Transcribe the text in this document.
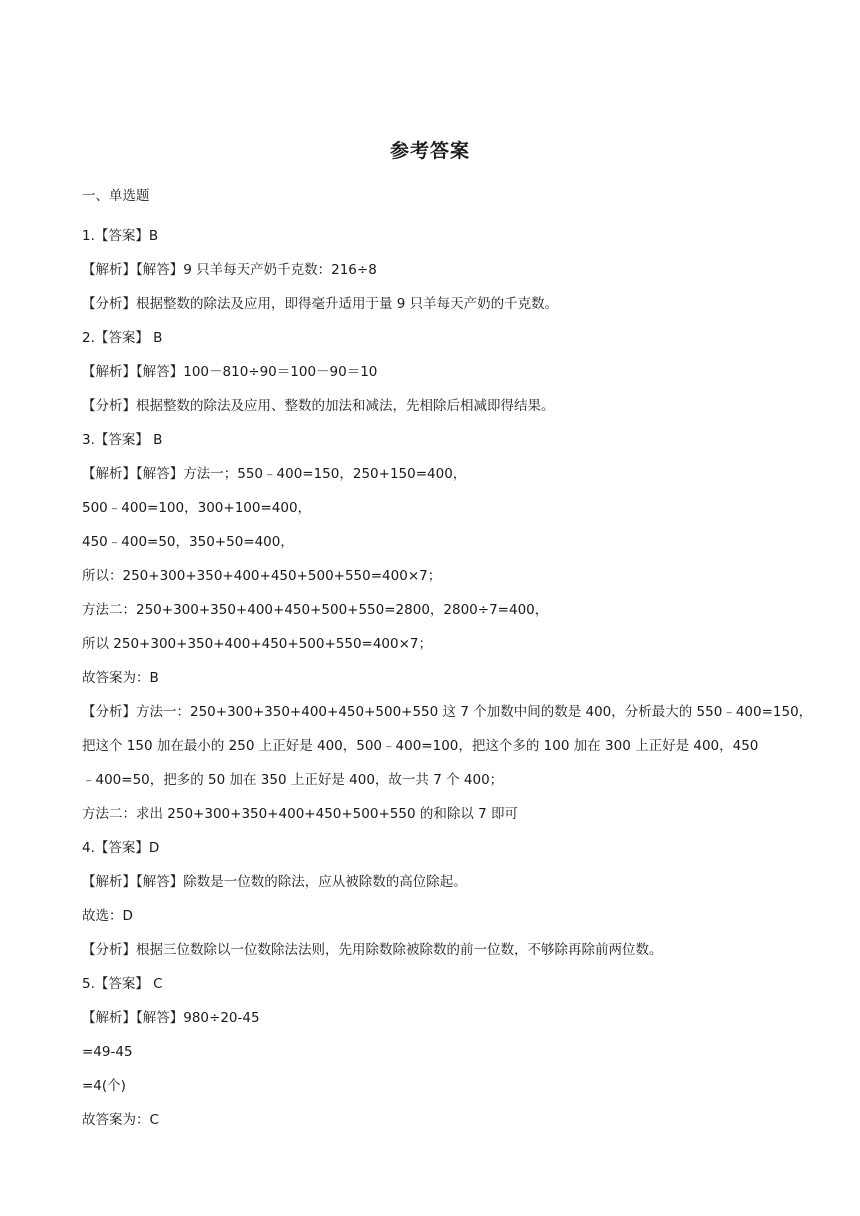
参考答案
一、单选题
1.【答案】B
【解析】【解答】9 只羊每天产奶千克数：216÷8
【分析】根据整数的除法及应用，即得毫升适用于量 9 只羊每天产奶的千克数。
2.【答案】 B
【解析】【解答】100－810÷90＝100－90＝10
【分析】根据整数的除法及应用、整数的加法和减法，先相除后相减即得结果。
3.【答案】 B
【解析】【解答】方法一；550﹣400=150，250+150=400，
500﹣400=100，300+100=400，
450﹣400=50，350+50=400，
所以：250+300+350+400+450+500+550=400×7；
方法二：250+300+350+400+450+500+550=2800，2800÷7=400，
所以 250+300+350+400+450+500+550=400×7；
故答案为：B
【分析】方法一：250+300+350+400+450+500+550 这 7 个加数中间的数是 400，分析最大的 550﹣400=150，
把这个 150 加在最小的 250 上正好是 400，500﹣400=100，把这个多的 100 加在 300 上正好是 400，450
﹣400=50，把多的 50 加在 350 上正好是 400，故一共 7 个 400；
方法二：求出 250+300+350+400+450+500+550 的和除以 7 即可
4.【答案】D
【解析】【解答】除数是一位数的除法，应从被除数的高位除起。
故选：D
【分析】根据三位数除以一位数除法法则，先用除数除被除数的前一位数，不够除再除前两位数。
5.【答案】 C
【解析】【解答】980÷20-45
=49-45
=4(个)
故答案为：C
